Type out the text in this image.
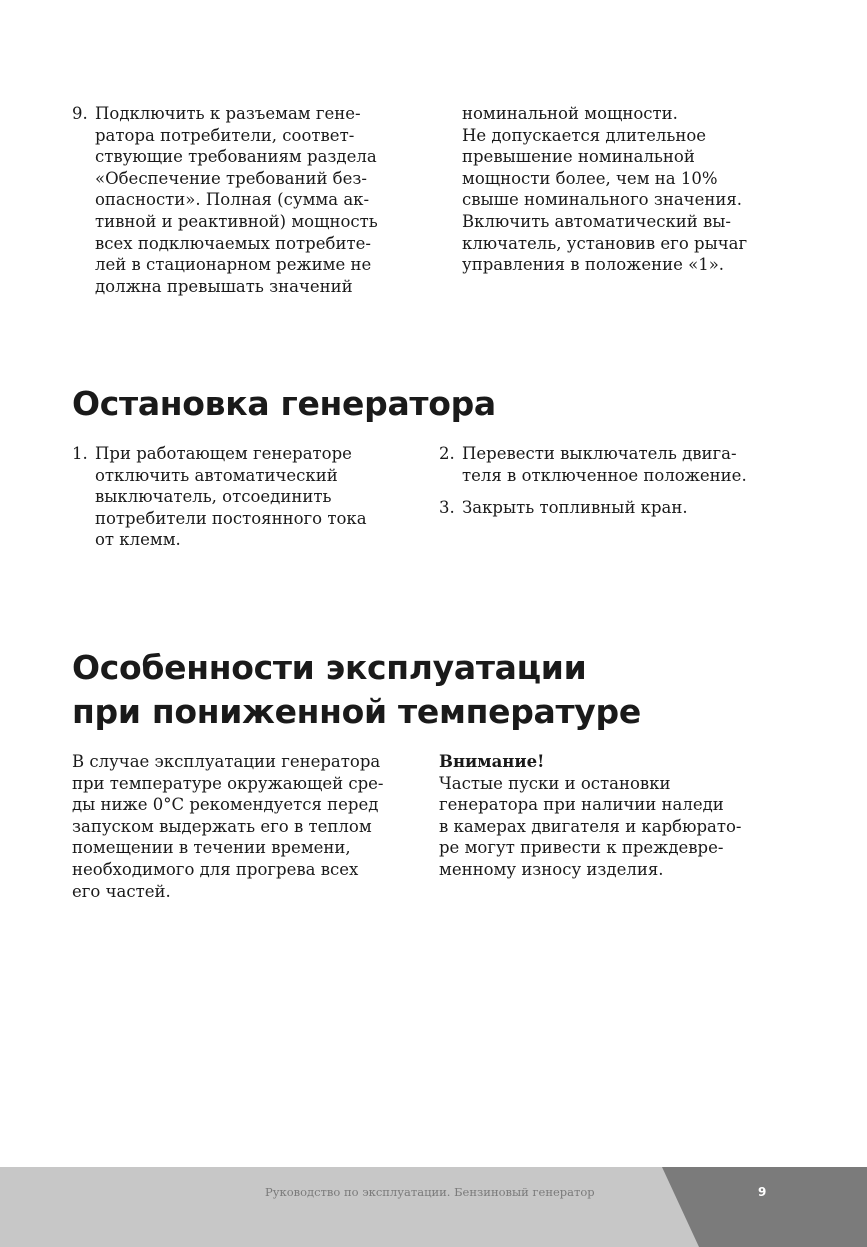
9. Подключить к разъемам гене-
ратора потребители, соответ-
ствующие требованиям раздела
«Обеспечение требований без-
опасности». Полная (сумма ак-
тивной и реактивной) мощность
всех подключаемых потребите-
лей в стационарном режиме не
должна превышать значений
номинальной мощности.
Не допускается длительное
превышение номинальной
мощности более, чем на 10%
свыше номинального значения.
Включить автоматический вы-
ключатель, установив его рычаг
управления в положение «1».
Остановка генератора
1. При работающем генераторе
отключить автоматический
выключатель, отсоединить
потребители постоянного тока
от клемм.
2. Перевести выключатель двига-
теля в отключенное положение.
3. Закрыть топливный кран.
Особенности эксплуатации
при пониженной температуре
В случае эксплуатации генератора
при температуре окружающей сре-
ды ниже 0°C рекомендуется перед
запуском выдержать его в теплом
помещении в течении времени,
необходимого для прогрева всех
его частей.
Внимание!
Частые пуски и остановки
генератора при наличии наледи
в камерах двигателя и карбюрато-
ре могут привести к преждевре-
менному износу изделия.
Руководство по эксплуатации. Бензиновый генератор	9
